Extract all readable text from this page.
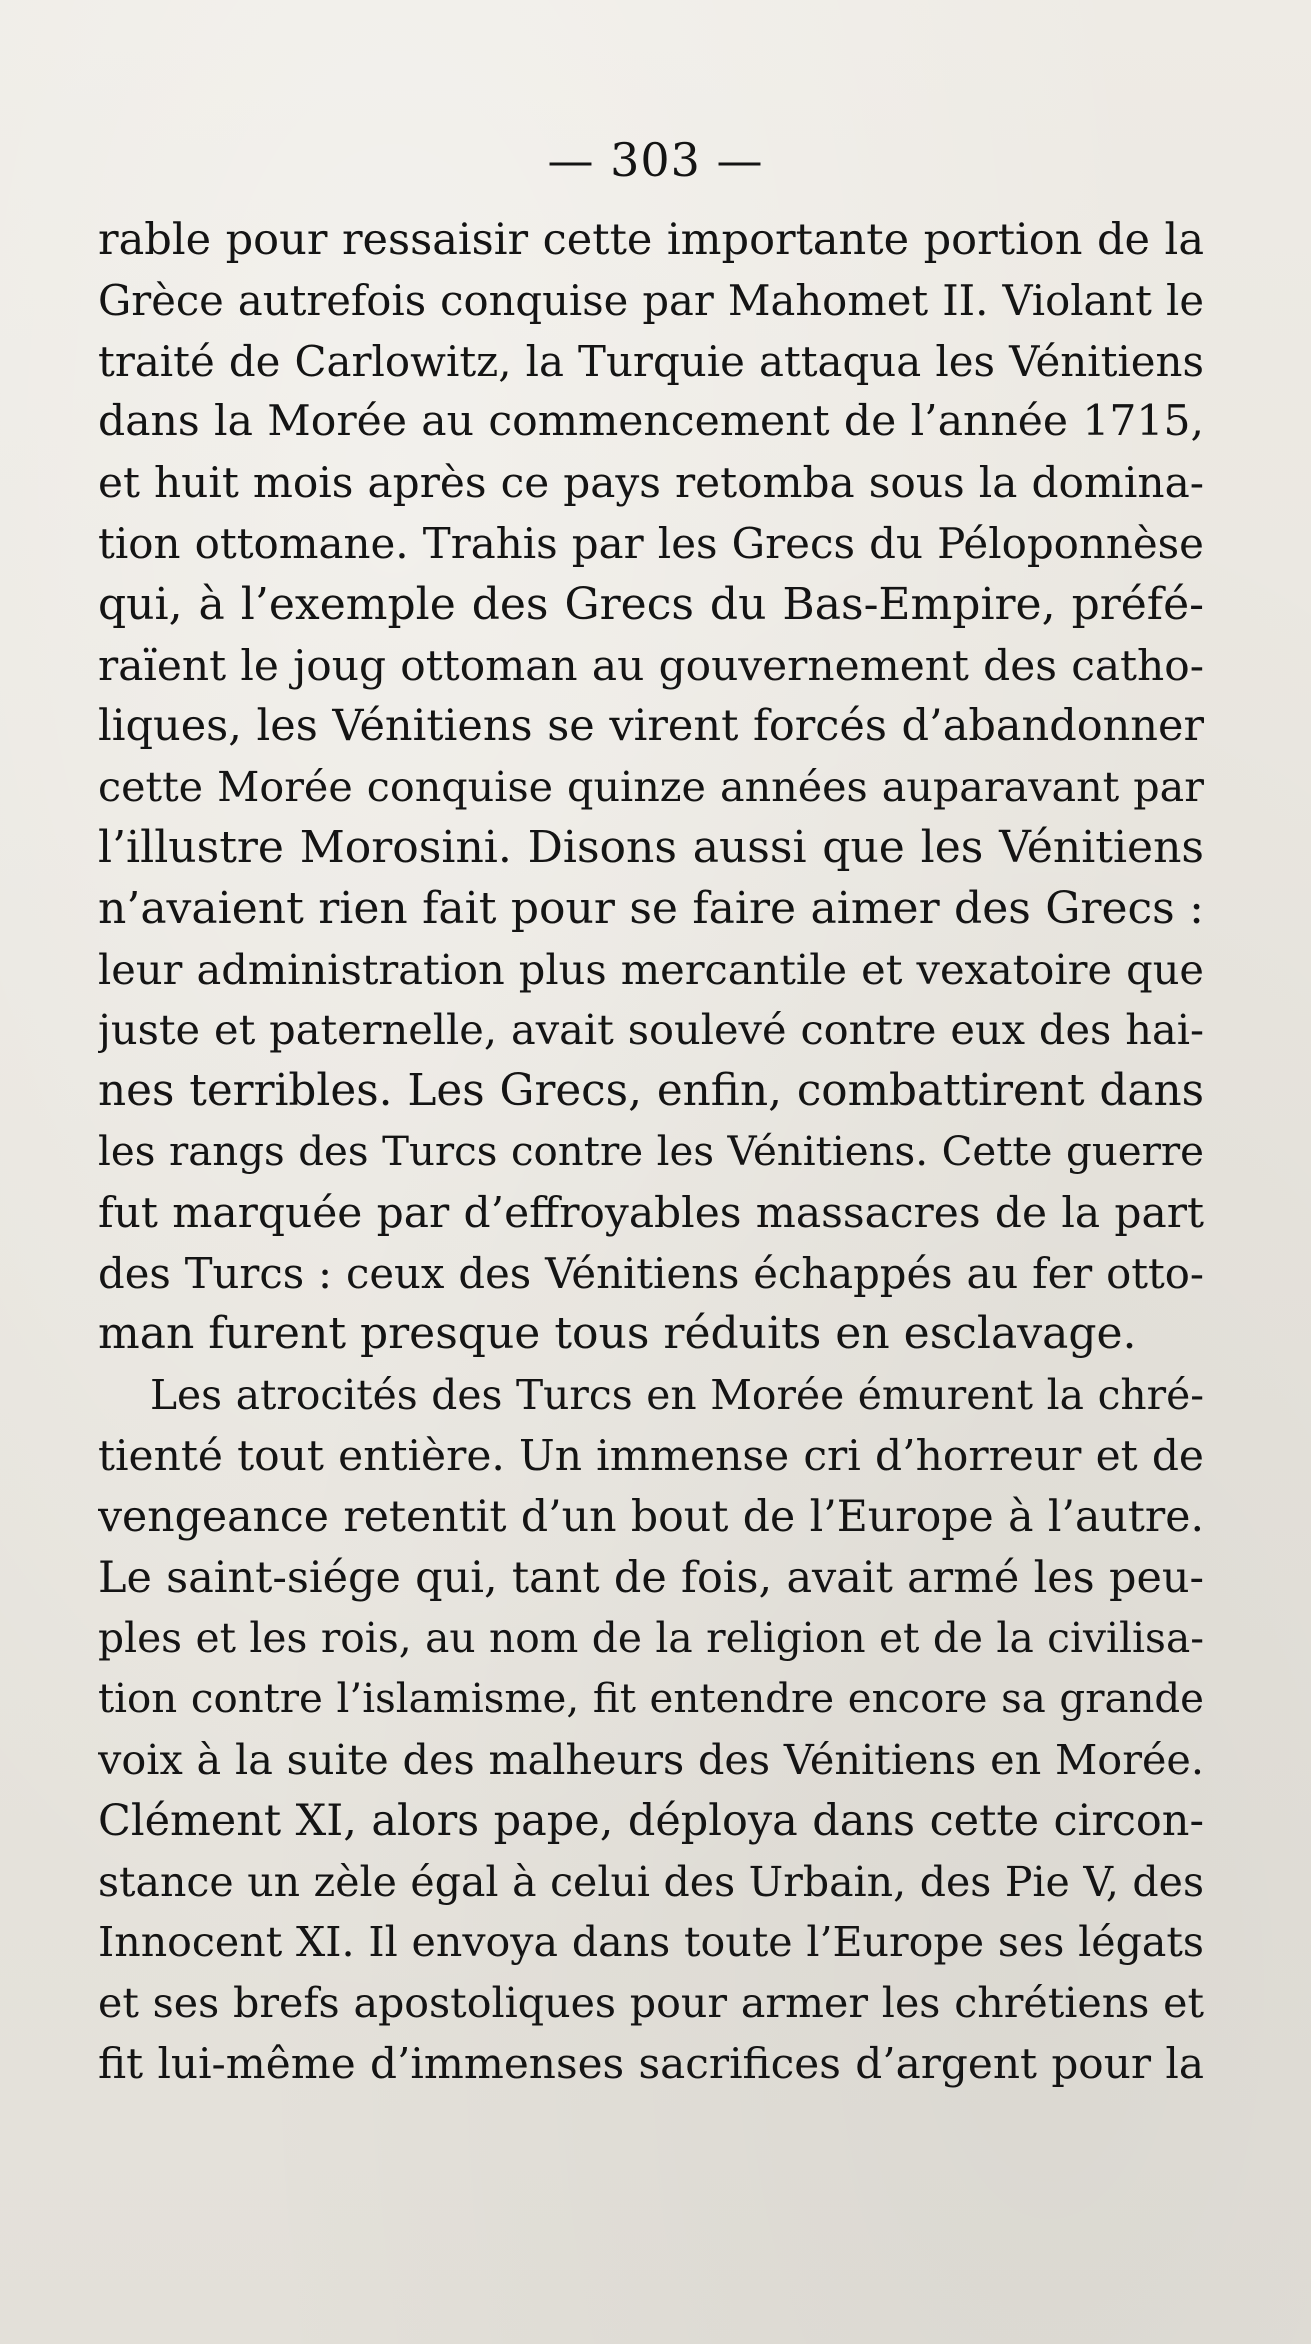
— 303 —
rable pour ressaisir cette importante portion de la
Grèce autrefois conquise par Mahomet II. Violant le
traité de Carlowitz, la Turquie attaqua les Vénitiens
dans la Morée au commencement de l’année 1715,
et huit mois après ce pays retomba sous la domina-
tion ottomane. Trahis par les Grecs du Péloponnèse
qui, à l’exemple des Grecs du Bas-Empire, préfé-
raïent le joug ottoman au gouvernement des catho-
liques, les Vénitiens se virent forcés d’abandonner
cette Morée conquise quinze années auparavant par
l’illustre Morosini. Disons aussi que les Vénitiens
n’avaient rien fait pour se faire aimer des Grecs :
leur administration plus mercantile et vexatoire que
juste et paternelle, avait soulevé contre eux des hai-
nes terribles. Les Grecs, enfin, combattirent dans
les rangs des Turcs contre les Vénitiens. Cette guerre
fut marquée par d’effroyables massacres de la part
des Turcs : ceux des Vénitiens échappés au fer otto-
man furent presque tous réduits en esclavage.
Les atrocités des Turcs en Morée émurent la chré-
tienté tout entière. Un immense cri d’horreur et de
vengeance retentit d’un bout de l’Europe à l’autre.
Le saint-siége qui, tant de fois, avait armé les peu-
ples et les rois, au nom de la religion et de la civilisa-
tion contre l’islamisme, fit entendre encore sa grande
voix à la suite des malheurs des Vénitiens en Morée.
Clément XI, alors pape, déploya dans cette circon-
stance un zèle égal à celui des Urbain, des Pie V, des
Innocent XI. Il envoya dans toute l’Europe ses légats
et ses brefs apostoliques pour armer les chrétiens et
fit lui-même d’immenses sacrifices d’argent pour la
